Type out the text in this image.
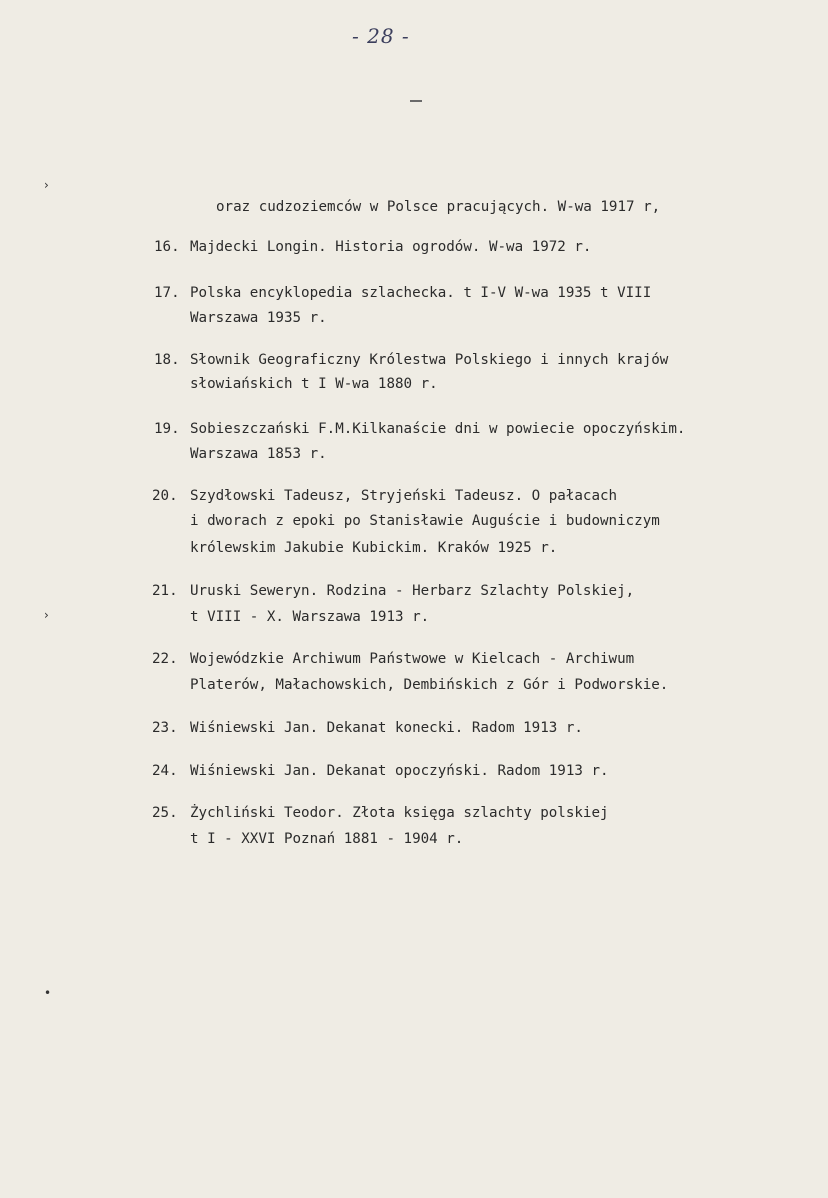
- 28 -
›
›
•
oraz cudzoziemców w Polsce pracujących. W-wa 1917 r,
16. Majdecki Longin. Historia ogrodów. W-wa 1972 r.
17. Polska encyklopedia szlachecka. t I-V W-wa 1935 t VIII
Warszawa 1935 r.
18. Słownik Geograficzny Królestwa Polskiego i innych krajów
słowiańskich t I W-wa 1880 r.
19. Sobieszczański F.M.Kilkanaście dni w powiecie opoczyńskim.
Warszawa 1853 r.
20. Szydłowski Tadeusz, Stryjeński Tadeusz. O pałacach
i dworach z epoki po Stanisławie Auguście i budowniczym
królewskim Jakubie Kubickim. Kraków 1925 r.
21. Uruski Seweryn. Rodzina - Herbarz Szlachty Polskiej,
t VIII - X. Warszawa 1913 r.
22. Wojewódzkie Archiwum Państwowe w Kielcach - Archiwum
Platerów, Małachowskich, Dembińskich z Gór i Podworskie.
23. Wiśniewski Jan. Dekanat konecki. Radom 1913 r.
24. Wiśniewski Jan. Dekanat opoczyński. Radom 1913 r.
25. Żychliński Teodor. Złota księga szlachty polskiej
t I - XXVI Poznań 1881 - 1904 r.
